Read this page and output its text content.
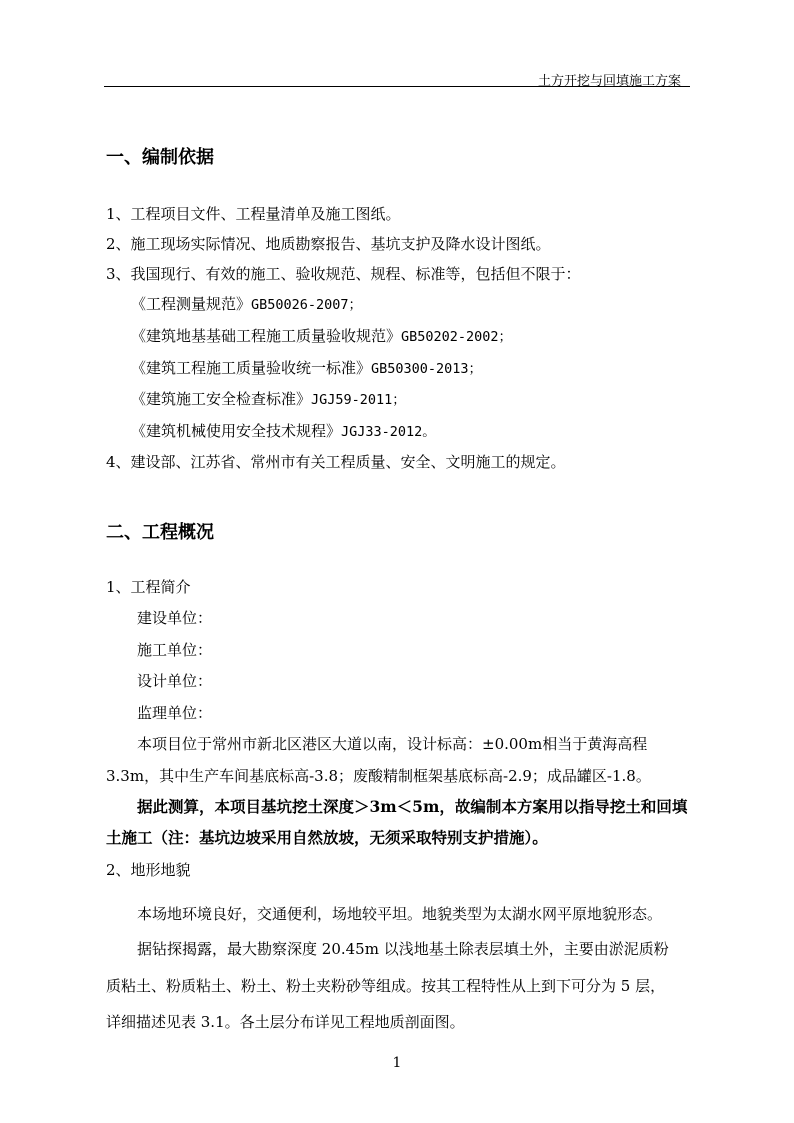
土方开挖与回填施工方案
一、编制依据
1、工程项目文件、工程量清单及施工图纸。
2、施工现场实际情况、地质勘察报告、基坑支护及降水设计图纸。
3、我国现行、有效的施工、验收规范、规程、标准等，包括但不限于：
《工程测量规范》GB50026-2007；
《建筑地基基础工程施工质量验收规范》GB50202-2002；
《建筑工程施工质量验收统一标准》GB50300-2013；
《建筑施工安全检查标准》JGJ59-2011；
《建筑机械使用安全技术规程》JGJ33-2012。
4、建设部、江苏省、常州市有关工程质量、安全、文明施工的规定。
二、工程概况
1、工程简介
建设单位：
施工单位：
设计单位：
监理单位：
本项目位于常州市新北区港区大道以南，设计标高：±0.00m相当于黄海高程
3.3m，其中生产车间基底标高-3.8；废酸精制框架基底标高-2.9；成品罐区-1.8。
据此测算，本项目基坑挖土深度＞3m＜5m，故编制本方案用以指导挖土和回填
土施工（注：基坑边坡采用自然放坡，无须采取特别支护措施）。
2、地形地貌
本场地环境良好，交通便利，场地较平坦。地貌类型为太湖水网平原地貌形态。
据钻探揭露，最大勘察深度 20.45m 以浅地基土除表层填土外，主要由淤泥质粉
质粘土、粉质粘土、粉土、粉土夹粉砂等组成。按其工程特性从上到下可分为 5 层，
详细描述见表 3.1。各土层分布详见工程地质剖面图。
1
